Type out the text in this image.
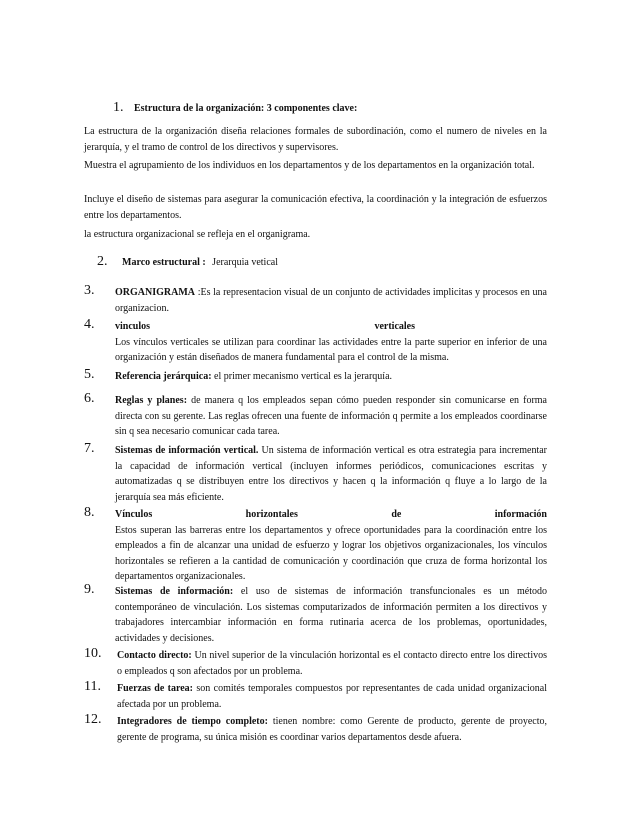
1. Estructura de la organización: 3 componentes clave:

La estructura de la organización diseña relaciones formales de subordinación, como el numero de niveles en la jerarquía, y el tramo de control de los directivos y supervisores.

Muestra el agrupamiento de los individuos en los departamentos y de los departamentos en la organización total.

Incluye el diseño de sistemas para asegurar la comunicación efectiva, la coordinación y la integración de esfuerzos entre los departamentos.

la estructura organizacional se refleja en el organigrama.

2. Marco estructural : Jerarquia vetical
3. ORGANIGRAMA :Es la representacion visual de un conjunto de actividades implicitas y procesos en una organizacion.
4. vinculos	verticales
Los vínculos verticales se utilizan para coordinar las actividades entre la parte superior en inferior de una organización y están diseñados de manera fundamental para el control de la misma.
5. Referencia jerárquica: el primer mecanismo vertical es la jerarquía.
6. Reglas y planes: de manera q los empleados sepan cómo pueden responder sin comunicarse en forma directa con su gerente. Las reglas ofrecen una fuente de información q permite a los empleados coordinarse sin q sea necesario comunicar cada tarea.
7. Sistemas de información vertical. Un sistema de información vertical es otra estrategia para incrementar la capacidad de información vertical (incluyen informes periódicos, comunicaciones escritas y automatizadas q se distribuyen entre los directivos y hacen q la información q fluye a lo largo de la jerarquía sea más eficiente.
8. Vínculos	horizontales	de	información
Estos superan las barreras entre los departamentos y ofrece oportunidades para la coordinación entre los empleados a fin de alcanzar una unidad de esfuerzo y lograr los objetivos organizacionales, los vínculos horizontales se refieren a la cantidad de comunicación y coordinación que cruza de forma horizontal los departamentos organizacionales.
9. Sistemas de información: el uso de sistemas de información transfuncionales es un método contemporáneo de vinculación. Los sistemas computarizados de información permiten a los directivos y trabajadores intercambiar información en forma rutinaria acerca de los problemas, oportunidades, actividades y decisiones.
10. Contacto directo: Un nivel superior de la vinculación horizontal es el contacto directo entre los directivos o empleados q son afectados por un problema.
11. Fuerzas de tarea: son comités temporales compuestos por representantes de cada unidad organizacional afectada por un problema.
12. Integradores de tiempo completo: tienen nombre: como Gerente de producto, gerente de proyecto, gerente de programa, su única misión es coordinar varios departamentos desde afuera.
